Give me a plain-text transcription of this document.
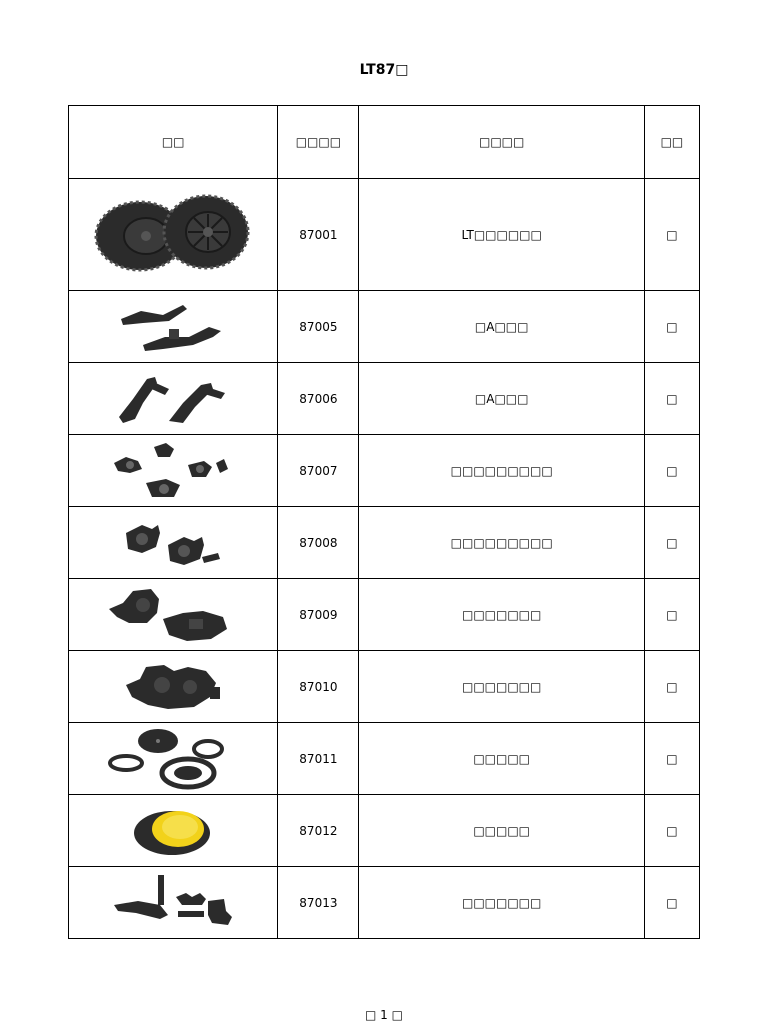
LT87□
□□	□□□□	□□□□	□□

	87001	LT□□□□□□	□

	87005	□A□□□	□

	87006	□A□□□	□

	87007	□□□□□□□□□	□

	87008	□□□□□□□□□	□

	87009	□□□□□□□	□

	87010	□□□□□□□	□

	87011	□□□□□	□

	87012	□□□□□	□

	87013	□□□□□□□	□
□ 1 □
